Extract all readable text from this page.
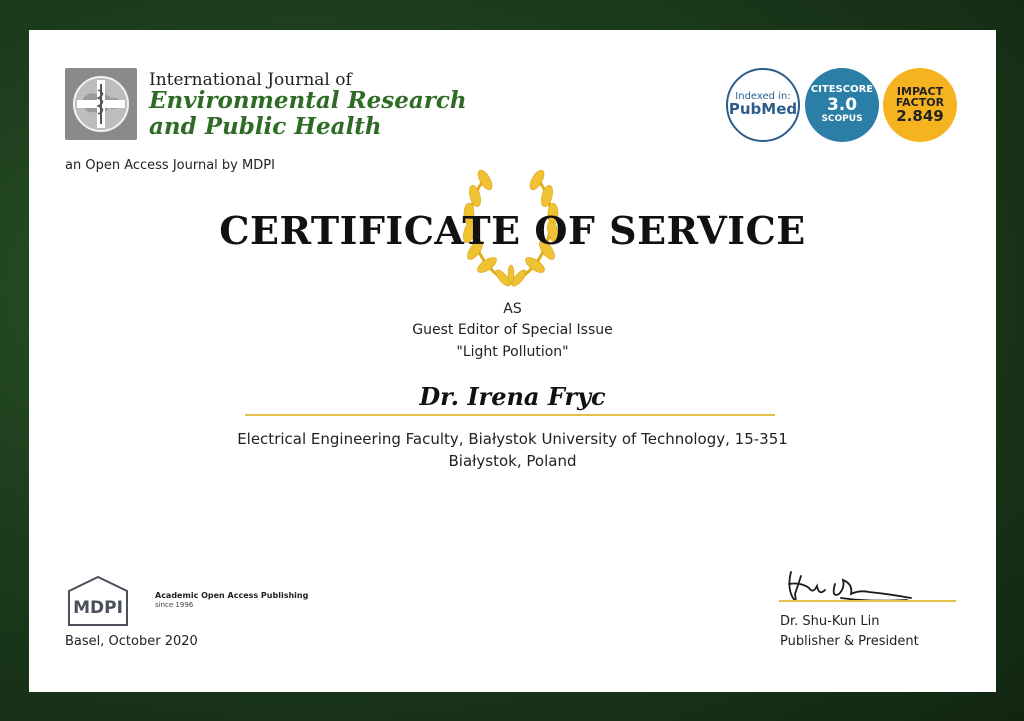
International Journal of
Environmental Research
and Public Health
an Open Access Journal by MDPI
Indexed in:
PubMed
CITESCORE
3.0
SCOPUS
IMPACT
FACTOR
2.849
CERTIFICATE OF SERVICE
AS
Guest Editor of Special Issue
"Light Pollution"
Dr. Irena Fryc
Electrical Engineering Faculty, Białystok University of Technology, 15-351
Białystok, Poland
MDPI
Academic Open Access Publishing
since 1996
Basel, October 2020
Dr. Shu-Kun Lin
Publisher & President
